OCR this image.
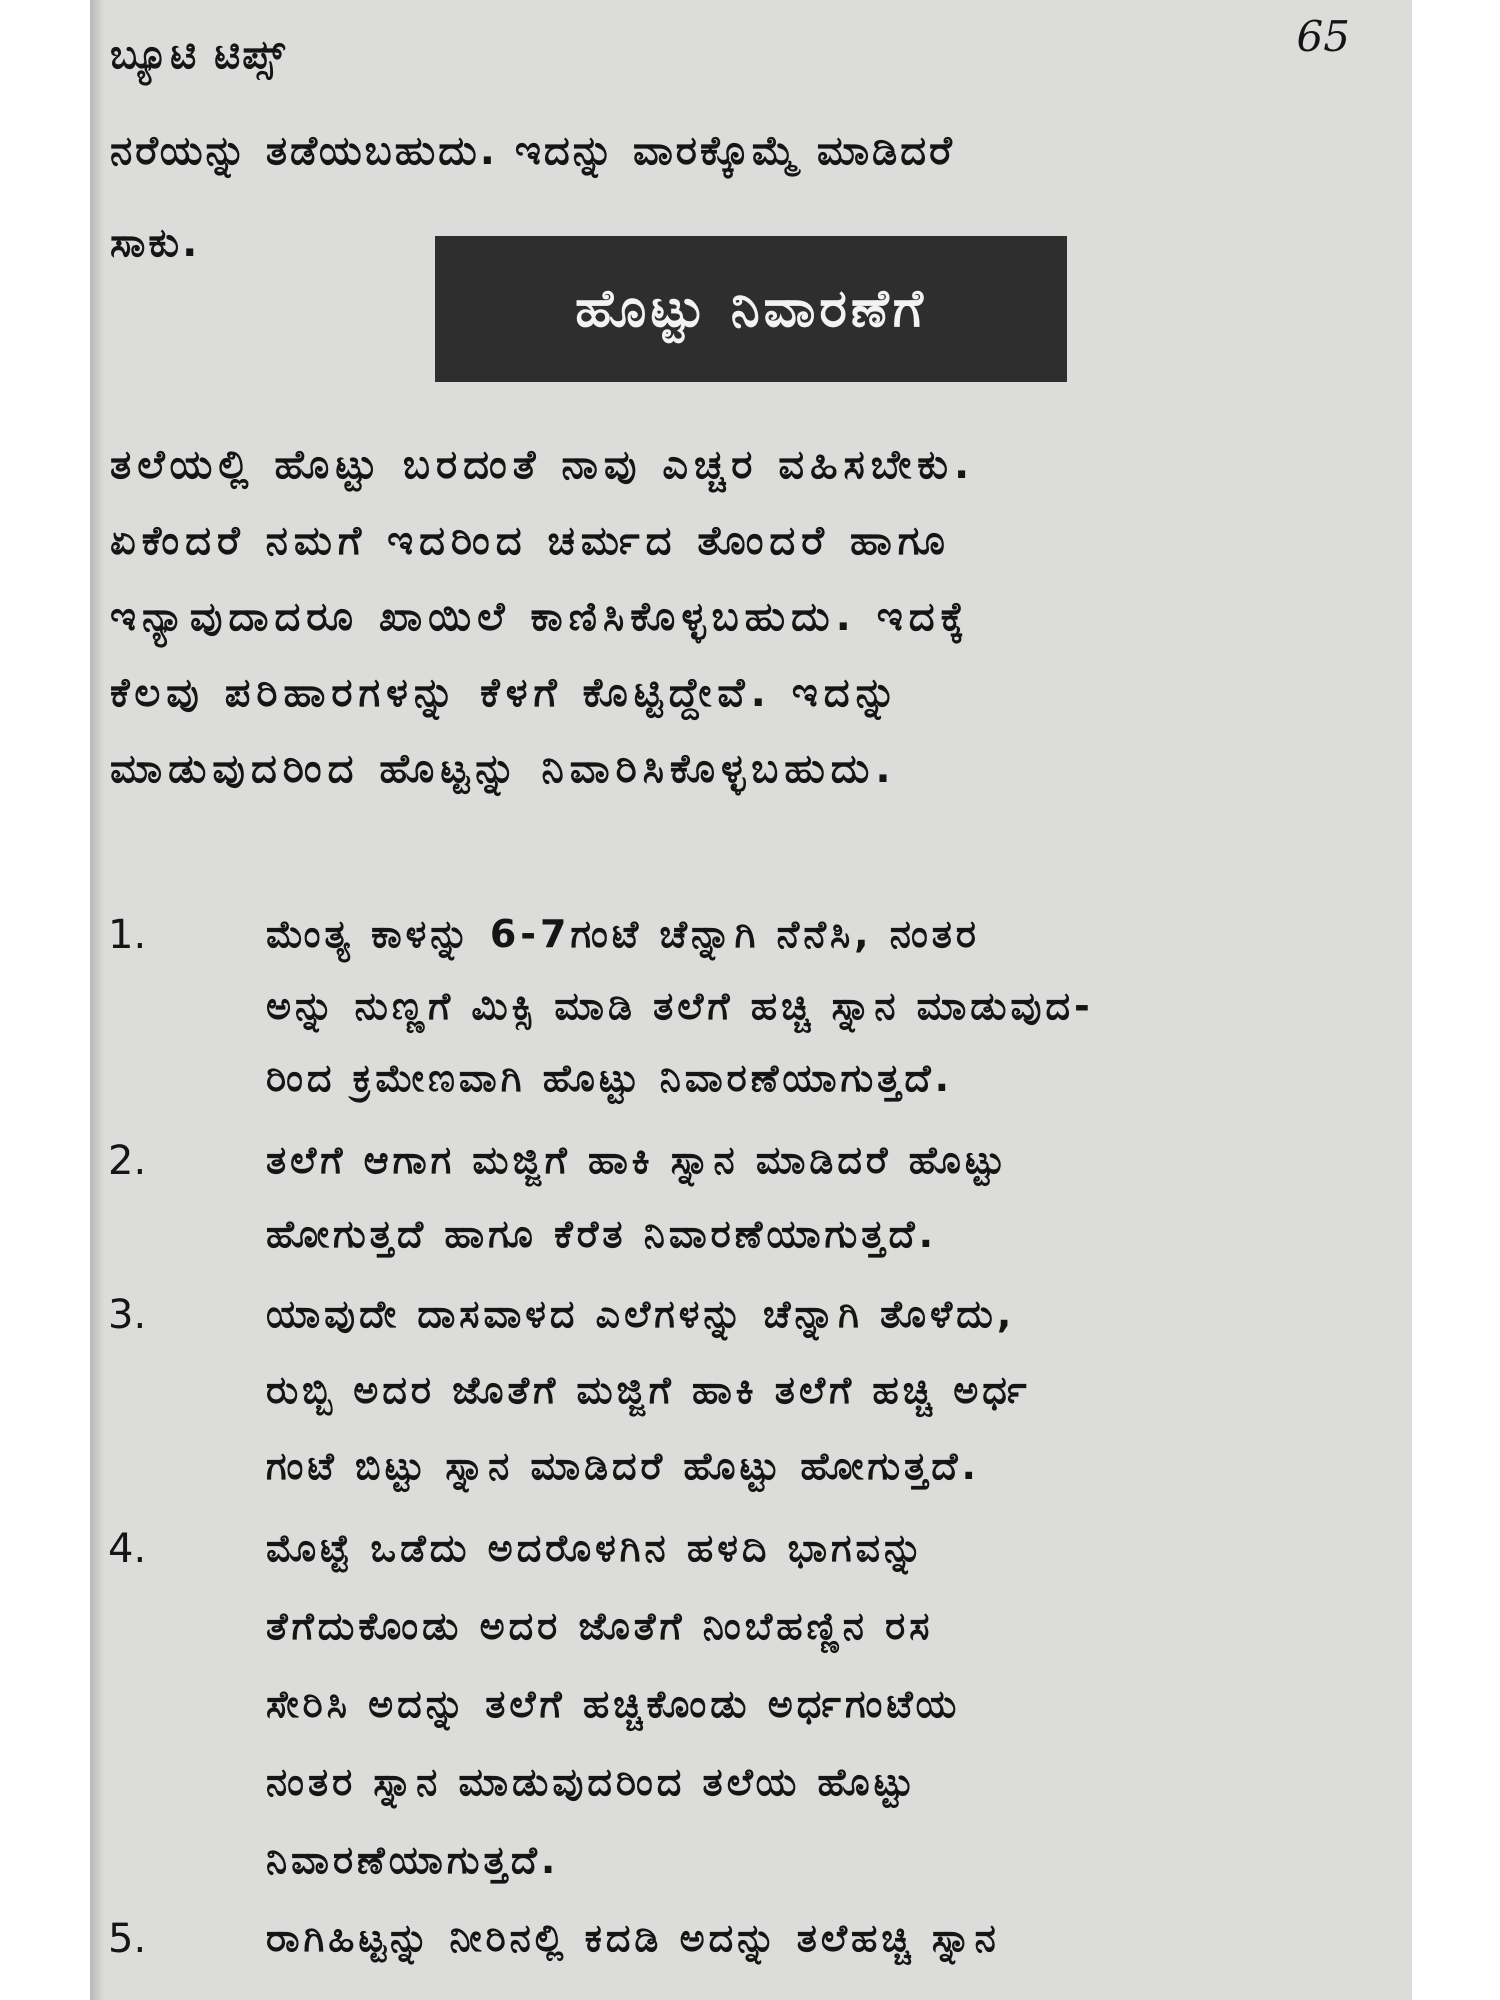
ಬ್ಯೂಟಿ ಟಿಪ್ಸ್	65
ನರೆಯನ್ನು ತಡೆಯಬಹುದು. ಇದನ್ನು ವಾರಕ್ಕೊಮ್ಮೆ ಮಾಡಿದರೆ
ಸಾಕು.
ಹೊಟ್ಟು ನಿವಾರಣೆಗೆ
ತಲೆಯಲ್ಲಿ ಹೊಟ್ಟು ಬರದಂತೆ ನಾವು ಎಚ್ಚರ ವಹಿಸಬೇಕು.
ಏಕೆಂದರೆ ನಮಗೆ ಇದರಿಂದ ಚರ್ಮದ ತೊಂದರೆ ಹಾಗೂ
ಇನ್ಯಾವುದಾದರೂ ಖಾಯಿಲೆ ಕಾಣಿಸಿಕೊಳ್ಳಬಹುದು. ಇದಕ್ಕೆ
ಕೆಲವು ಪರಿಹಾರಗಳನ್ನು ಕೆಳಗೆ ಕೊಟ್ಟಿದ್ದೇವೆ. ಇದನ್ನು
ಮಾಡುವುದರಿಂದ ಹೊಟ್ಟನ್ನು ನಿವಾರಿಸಿಕೊಳ್ಳಬಹುದು.
1.	ಮೆಂತ್ಯ ಕಾಳನ್ನು 6-7ಗಂಟೆ ಚೆನ್ನಾಗಿ ನೆನೆಸಿ, ನಂತರ
ಅನ್ನು ನುಣ್ಣಗೆ ಮಿಕ್ಸಿ ಮಾಡಿ ತಲೆಗೆ ಹಚ್ಚಿ ಸ್ನಾನ ಮಾಡುವುದ-
ರಿಂದ ಕ್ರಮೇಣವಾಗಿ ಹೊಟ್ಟು ನಿವಾರಣೆಯಾಗುತ್ತದೆ.
2.	ತಲೆಗೆ ಆಗಾಗ ಮಜ್ಜಿಗೆ ಹಾಕಿ ಸ್ನಾನ ಮಾಡಿದರೆ ಹೊಟ್ಟು
ಹೋಗುತ್ತದೆ ಹಾಗೂ ಕೆರೆತ ನಿವಾರಣೆಯಾಗುತ್ತದೆ.
3.	ಯಾವುದೇ ದಾಸವಾಳದ ಎಲೆಗಳನ್ನು ಚೆನ್ನಾಗಿ ತೊಳೆದು,
ರುಬ್ಬಿ ಅದರ ಜೊತೆಗೆ ಮಜ್ಜಿಗೆ ಹಾಕಿ ತಲೆಗೆ ಹಚ್ಚಿ ಅರ್ಧ
ಗಂಟೆ ಬಿಟ್ಟು ಸ್ನಾನ ಮಾಡಿದರೆ ಹೊಟ್ಟು ಹೋಗುತ್ತದೆ.
4.	ಮೊಟ್ಟೆ ಒಡೆದು ಅದರೊಳಗಿನ ಹಳದಿ ಭಾಗವನ್ನು
ತೆಗೆದುಕೊಂಡು ಅದರ ಜೊತೆಗೆ ನಿಂಬೆಹಣ್ಣಿನ ರಸ
ಸೇರಿಸಿ ಅದನ್ನು ತಲೆಗೆ ಹಚ್ಚಿಕೊಂಡು ಅರ್ಧಗಂಟೆಯ
ನಂತರ ಸ್ನಾನ ಮಾಡುವುದರಿಂದ ತಲೆಯ ಹೊಟ್ಟು
ನಿವಾರಣೆಯಾಗುತ್ತದೆ.
5.	ರಾಗಿಹಿಟ್ಟನ್ನು ನೀರಿನಲ್ಲಿ ಕದಡಿ ಅದನ್ನು ತಲೆಹಚ್ಚಿ ಸ್ನಾನ
